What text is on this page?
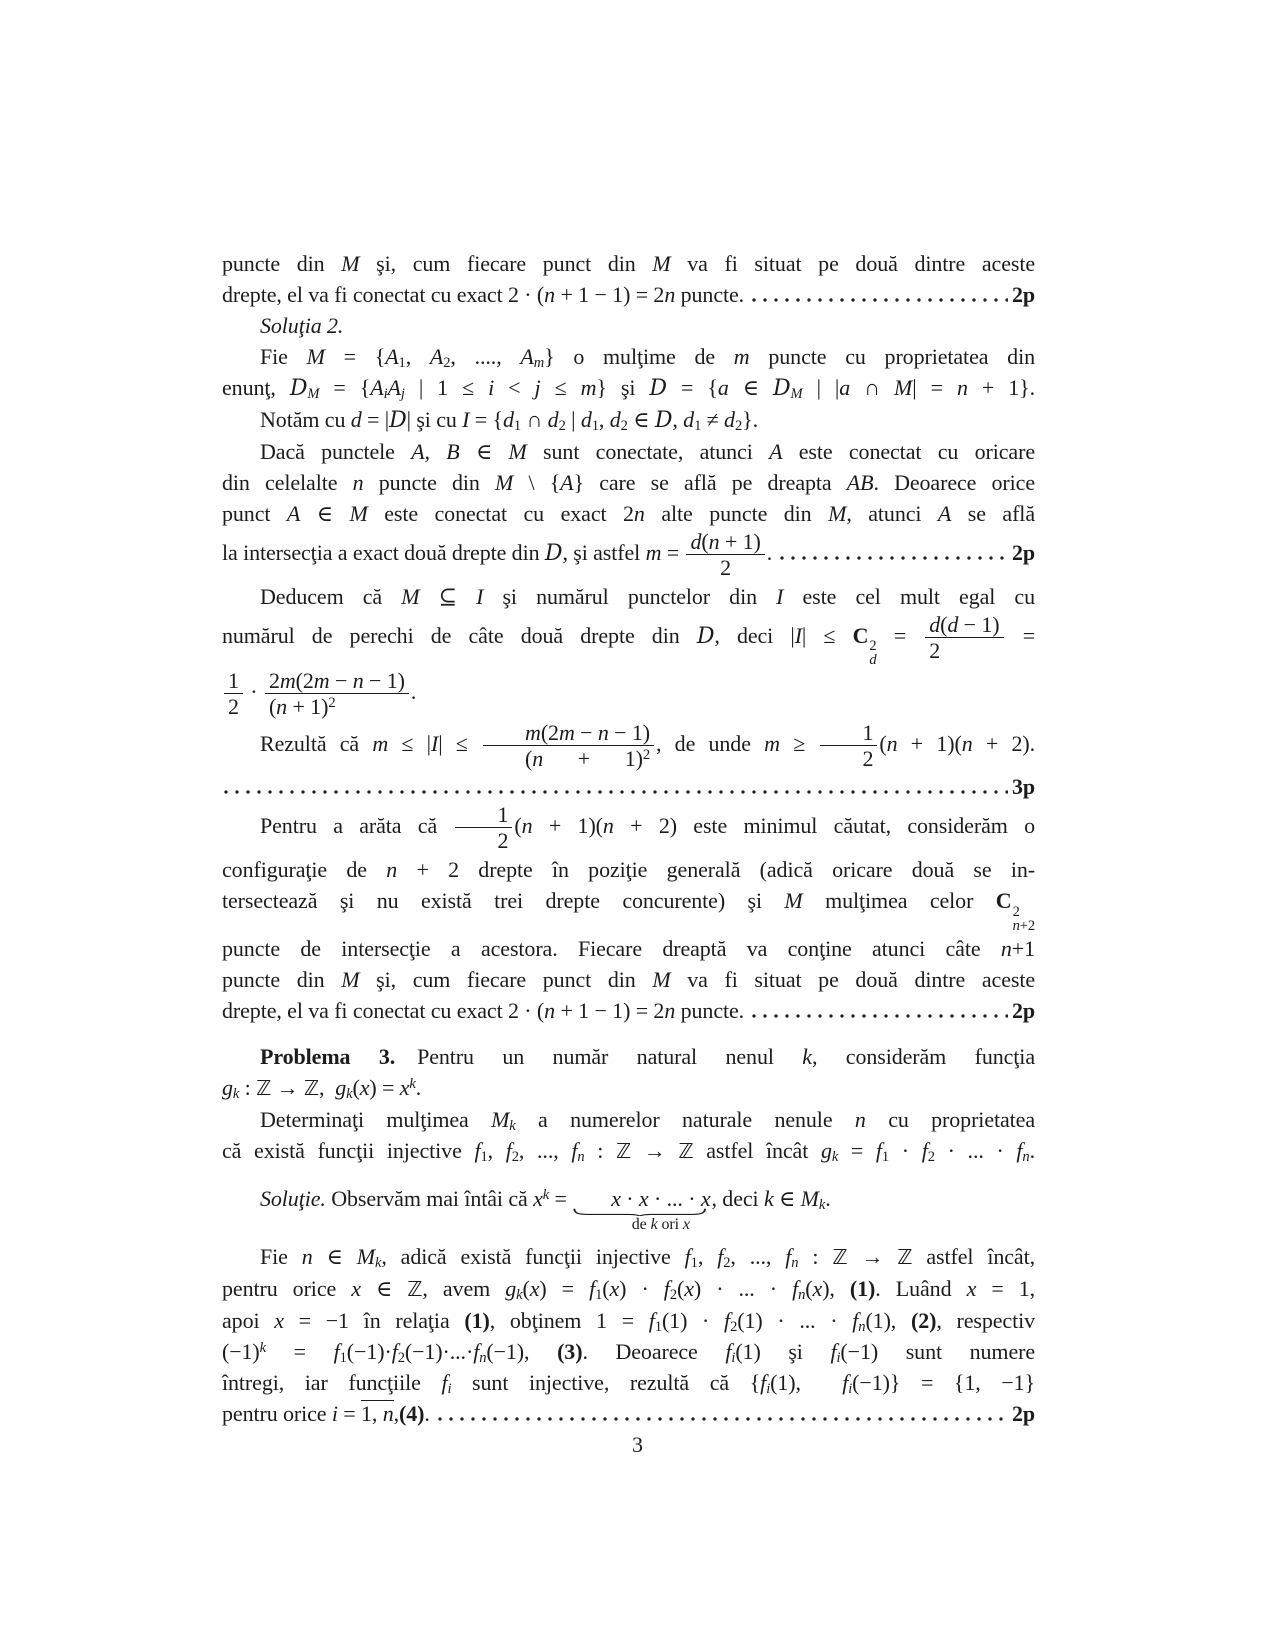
puncte din M şi, cum fiecare punct din M va fi situat pe două dintre aceste
drepte, el va fi conectat cu exact 2 · (n + 1 − 1) = 2n puncte.	2p
Soluţia 2.
Fie $M = \{A_1$, $A_2$, ...., $A_m$} o mulţime de m puncte cu proprietatea din
enunţ, $D_M = \{A_iA_j$ | 1 ≤ i < j ≤ m} şi D = {a ∈ $D_M$ | |a ∩ M| = n + 1}.
Notăm cu d = |D| şi cu $I = \{d_1$ ∩ $d_2$ | $d_1$, $d_2$ ∈ D, $d_1 \ne d_2$}.
Dacă punctele A, B ∈ M sunt conectate, atunci A este conectat cu oricare
din celelalte n puncte din M \ {A} care se află pe dreapta AB. Deoarece orice
punct A ∈ M este conectat cu exact 2n alte puncte din M, atunci A se află
la intersecţia a exact două drepte din D, şi astfel $m = \frac{d(n + 1)}{2}$ .	2p
Deducem că M ⊆ I şi numărul punctelor din I este cel mult egal cu
numărul de perechi de câte două drepte din D, deci |I| ≤ C 2
d
= $\frac{d(d - 1)}{2}$ =
$\frac{1}{2} \cdot \frac{2m(2m - n - 1)}{(n + 1)^2}$ .
Rezultă că $m \le |I| \le \frac{m(2m - n - 1)}{(n + 1)^2}$ , de unde $m \ge \frac{1}{2} (n + 1)(n + 2)$.
3p
Pentru a arăta că $\frac{1}{2} (n + 1)(n + 2)$ este minimul căutat, considerăm o
configuraţie de n + 2 drepte în poziţie generală (adică oricare două se in-
tersectează şi nu există trei drepte concurente) şi M mulţimea celor C 2
n+2
puncte de intersecţie a acestora. Fiecare dreaptă va conţine atunci câte n+1
puncte din M şi, cum fiecare punct din M va fi situat pe două dintre aceste
drepte, el va fi conectat cu exact 2 · (n + 1 − 1) = 2n puncte.	2p
Problema 3. Pentru un număr natural nenul k, considerăm funcţia
$g_k$ : ℤ → ℤ,  $g_k(x) = x^k$.
Determinaţi mulţimea $M_k$ a numerelor naturale nenule n cu proprietatea
că există funcţii injective $f_1$, $f_2$, ..., $f_n$ : ℤ → ℤ astfel încât $g_k = f_1 \cdot f_2$ · ... · $f_n$.
Soluţie. Observăm mai întâi că $x^k = x \cdot x$ · ... · x
de k ori x
, deci k ∈ $M_k$.
Fie n ∈ $M_k$, adică există funcţii injective $f_1$, $f_2$, ..., $f_n$ : ℤ → ℤ astfel încât,
pentru orice x ∈ ℤ, avem $g_k(x) = f_1(x) \cdot f_2(x)$ · ... · $f_n(x)$, (1). Luând x = 1,
apoi x = −1 în relaţia (1), obţinem $1 = f_1(1) \cdot f_2(1)$ · ... · $f_n(1)$, (2), respectiv
$(-1)^k = f_1(-1)\cdot f_2(-1)\cdot...\cdot f_n(-1)$, (3). Deoarece $f_i(1)$ şi $f_i(-1)$ sunt numere
întregi, iar funcţiile $f_i$ sunt injective, rezultă că {$f_i(1)$,  $f_i(-1)\} = \{1$, −1}
pentru orice i = 1, n,(4).	2p
3
